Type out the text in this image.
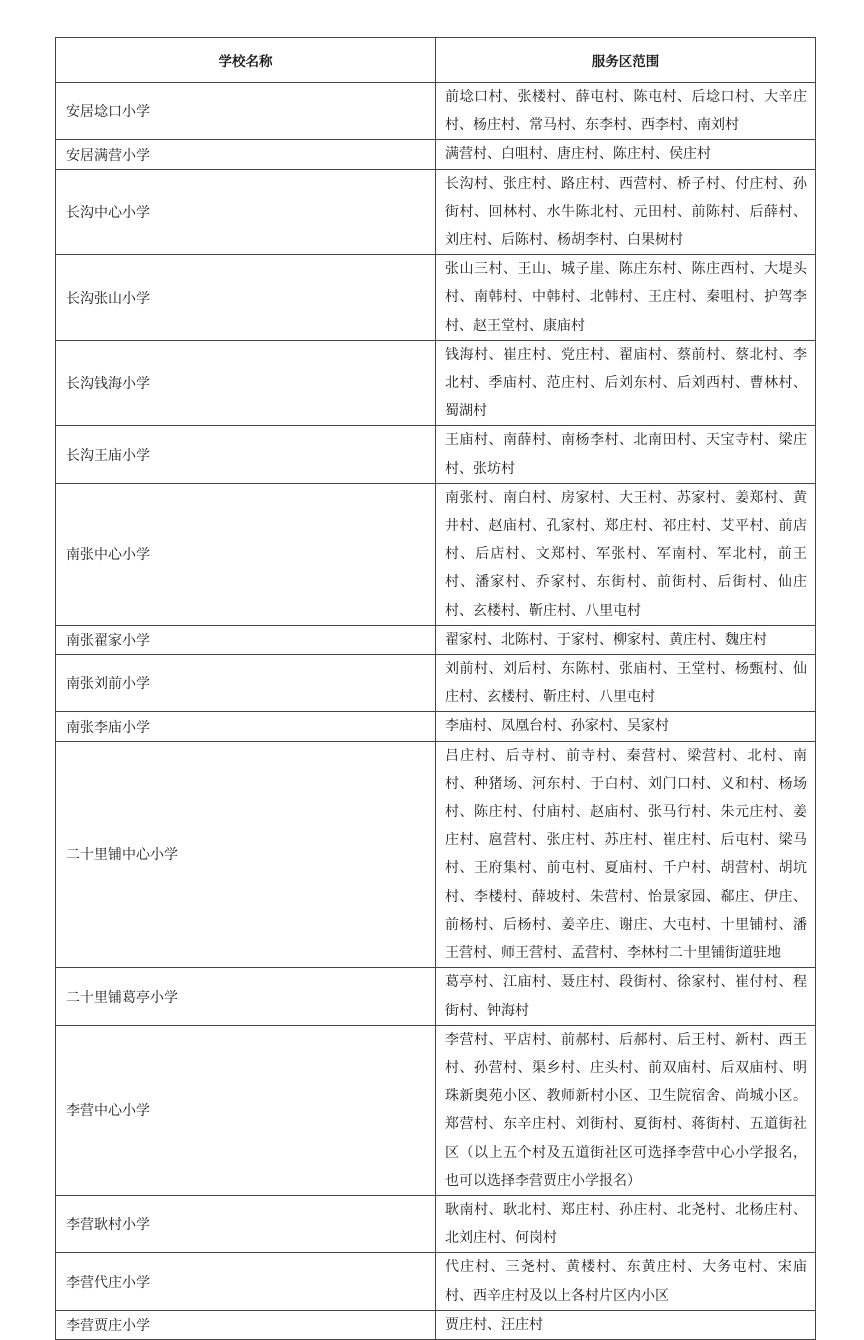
学校名称	服务区范围
安居埝口小学	前埝口村、张楼村、薛屯村、陈屯村、后埝口村、大辛庄村、杨庄村、常马村、东李村、西李村、南刘村
安居满营小学	满营村、白咀村、唐庄村、陈庄村、侯庄村
长沟中心小学	长沟村、张庄村、路庄村、西营村、桥子村、付庄村、孙街村、回林村、水牛陈北村、元田村、前陈村、后薛村、刘庄村、后陈村、杨胡李村、白果树村
长沟张山小学	张山三村、王山、城子崖、陈庄东村、陈庄西村、大堤头村、南韩村、中韩村、北韩村、王庄村、秦咀村、护驾李村、赵王堂村、康庙村
长沟钱海小学	钱海村、崔庄村、党庄村、翟庙村、蔡前村、蔡北村、李北村、季庙村、范庄村、后刘东村、后刘西村、曹林村、蜀湖村
长沟王庙小学	王庙村、南薛村、南杨李村、北南田村、天宝寺村、梁庄村、张坊村
南张中心小学	南张村、南白村、房家村、大王村、苏家村、姜郑村、黄井村、赵庙村、孔家村、郑庄村、祁庄村、艾平村、前店村、后店村、文郑村、军张村、军南村、军北村，前王村、潘家村、乔家村、东街村、前街村、后街村、仙庄村、玄楼村、靳庄村、八里屯村
南张翟家小学	翟家村、北陈村、于家村、柳家村、黄庄村、魏庄村
南张刘前小学	刘前村、刘后村、东陈村、张庙村、王堂村、杨甄村、仙庄村、玄楼村、靳庄村、八里屯村
南张李庙小学	李庙村、凤凰台村、孙家村、吴家村
二十里铺中心小学	吕庄村、后寺村、前寺村、秦营村、梁营村、北村、南村、种猪场、河东村、于白村、刘门口村、义和村、杨场村、陈庄村、付庙村、赵庙村、张马行村、朱元庄村、姜庄村、扈营村、张庄村、苏庄村、崔庄村、后屯村、梁马村、王府集村、前屯村、夏庙村、千户村、胡营村、胡坑村、李楼村、薛坡村、朱营村、怡景家园、郗庄、伊庄、前杨村、后杨村、姜辛庄、谢庄、大屯村、十里铺村、潘王营村、师王营村、孟营村、李林村二十里铺街道驻地
二十里铺葛亭小学	葛亭村、江庙村、聂庄村、段街村、徐家村、崔付村、程街村、钟海村
李营中心小学	李营村、平店村、前郝村、后郝村、后王村、新村、西王村、孙营村、渠乡村、庄头村、前双庙村、后双庙村、明珠新奥苑小区、教师新村小区、卫生院宿舍、尚城小区。郑营村、东辛庄村、刘街村、夏街村、蒋街村、五道街社区（以上五个村及五道街社区可选择李营中心小学报名，也可以选择李营贾庄小学报名）
李营耿村小学	耿南村、耿北村、郑庄村、孙庄村、北尧村、北杨庄村、北刘庄村、何岗村
李营代庄小学	代庄村、三尧村、黄楼村、东黄庄村、大务屯村、宋庙村、西辛庄村及以上各村片区内小区
李营贾庄小学	贾庄村、汪庄村
